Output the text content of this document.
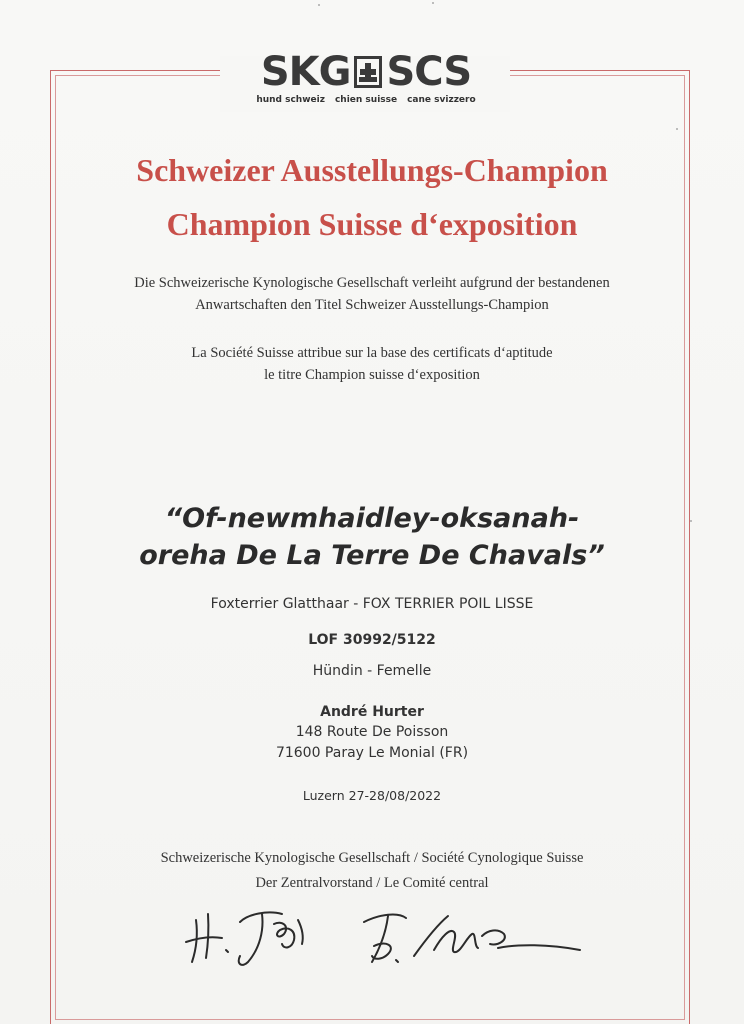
SKG SCS
hund schweiz chien suisse cane svizzero
Schweizer Ausstellungs-Champion
Champion Suisse d‘exposition
Die Schweizerische Kynologische Gesellschaft verleiht aufgrund der bestandenen
Anwartschaften den Titel Schweizer Ausstellungs-Champion
La Société Suisse attribue sur la base des certificats d‘aptitude
le titre Champion suisse d‘exposition
“Of-newmhaidley-oksanah-
oreha De La Terre De Chavals”
Foxterrier Glatthaar - FOX TERRIER POIL LISSE
LOF 30992/5122
Hündin - Femelle
André Hurter
148 Route De Poisson
71600 Paray Le Monial (FR)
Luzern 27-28/08/2022
Schweizerische Kynologische Gesellschaft / Société Cynologique Suisse
Der Zentralvorstand / Le Comité central
